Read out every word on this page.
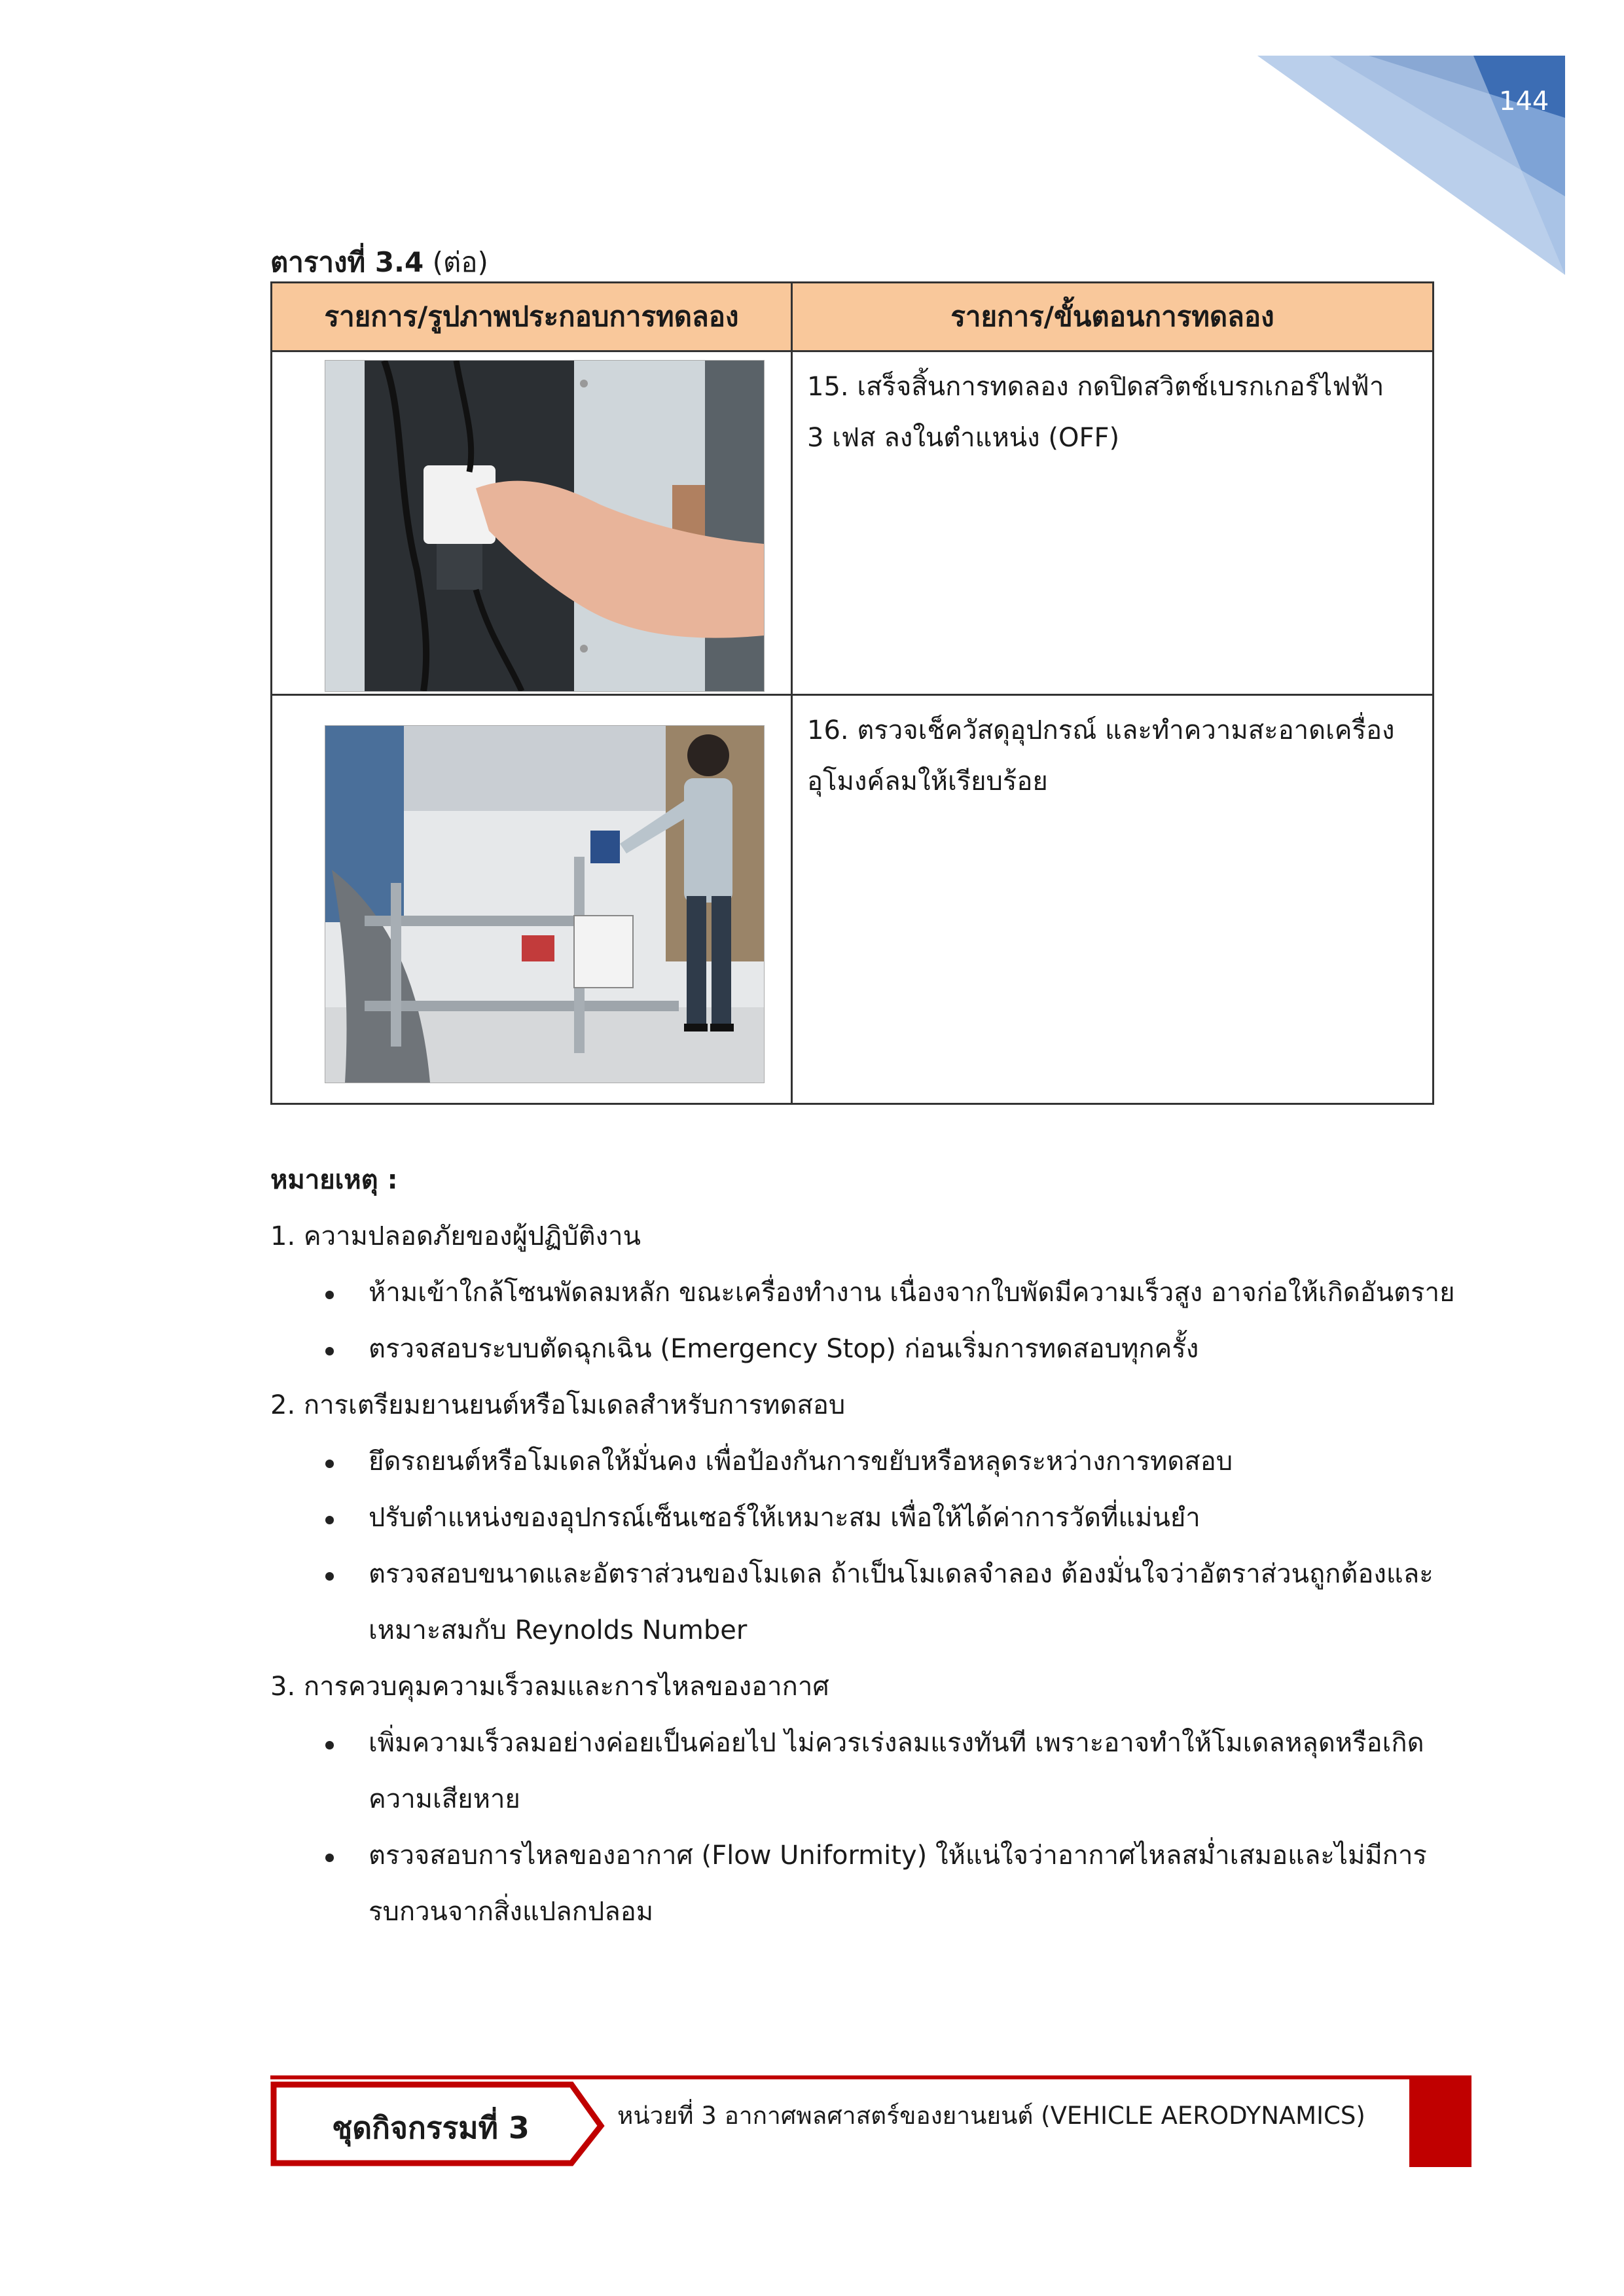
144
ตารางที่ 3.4 (ต่อ)
รายการ/รูปภาพประกอบการทดลอง	รายการ/ขั้นตอนการทดลอง

15. เสร็จสิ้นการทดลอง กดปิดสวิตช์เบรกเกอร์ไฟฟ้า
3 เฟส ลงในตำแหน่ง (OFF)

16. ตรวจเช็ควัสดุอุปกรณ์ และทำความสะอาดเครื่อง
อุโมงค์ลมให้เรียบร้อย

หมายเหตุ :

1. ความปลอดภัยของผู้ปฏิบัติงาน

ห้ามเข้าใกล้โซนพัดลมหลัก ขณะเครื่องทำงาน เนื่องจากใบพัดมีความเร็วสูง อาจก่อให้เกิดอันตราย
ตรวจสอบระบบตัดฉุกเฉิน (Emergency Stop) ก่อนเริ่มการทดสอบทุกครั้ง

2. การเตรียมยานยนต์หรือโมเดลสำหรับการทดสอบ

ยึดรถยนต์หรือโมเดลให้มั่นคง เพื่อป้องกันการขยับหรือหลุดระหว่างการทดสอบ
ปรับตำแหน่งของอุปกรณ์เซ็นเซอร์ให้เหมาะสม เพื่อให้ได้ค่าการวัดที่แม่นยำ
ตรวจสอบขนาดและอัตราส่วนของโมเดล ถ้าเป็นโมเดลจำลอง ต้องมั่นใจว่าอัตราส่วนถูกต้องและ
เหมาะสมกับ Reynolds Number

3. การควบคุมความเร็วลมและการไหลของอากาศ

เพิ่มความเร็วลมอย่างค่อยเป็นค่อยไป ไม่ควรเร่งลมแรงทันที เพราะอาจทำให้โมเดลหลุดหรือเกิด
ความเสียหาย
ตรวจสอบการไหลของอากาศ (Flow Uniformity) ให้แน่ใจว่าอากาศไหลสม่ำเสมอและไม่มีการ
รบกวนจากสิ่งแปลกปลอม
ชุดกิจกรรมที่ 3	หน่วยที่ 3 อากาศพลศาสตร์ของยานยนต์ (VEHICLE AERODYNAMICS)
